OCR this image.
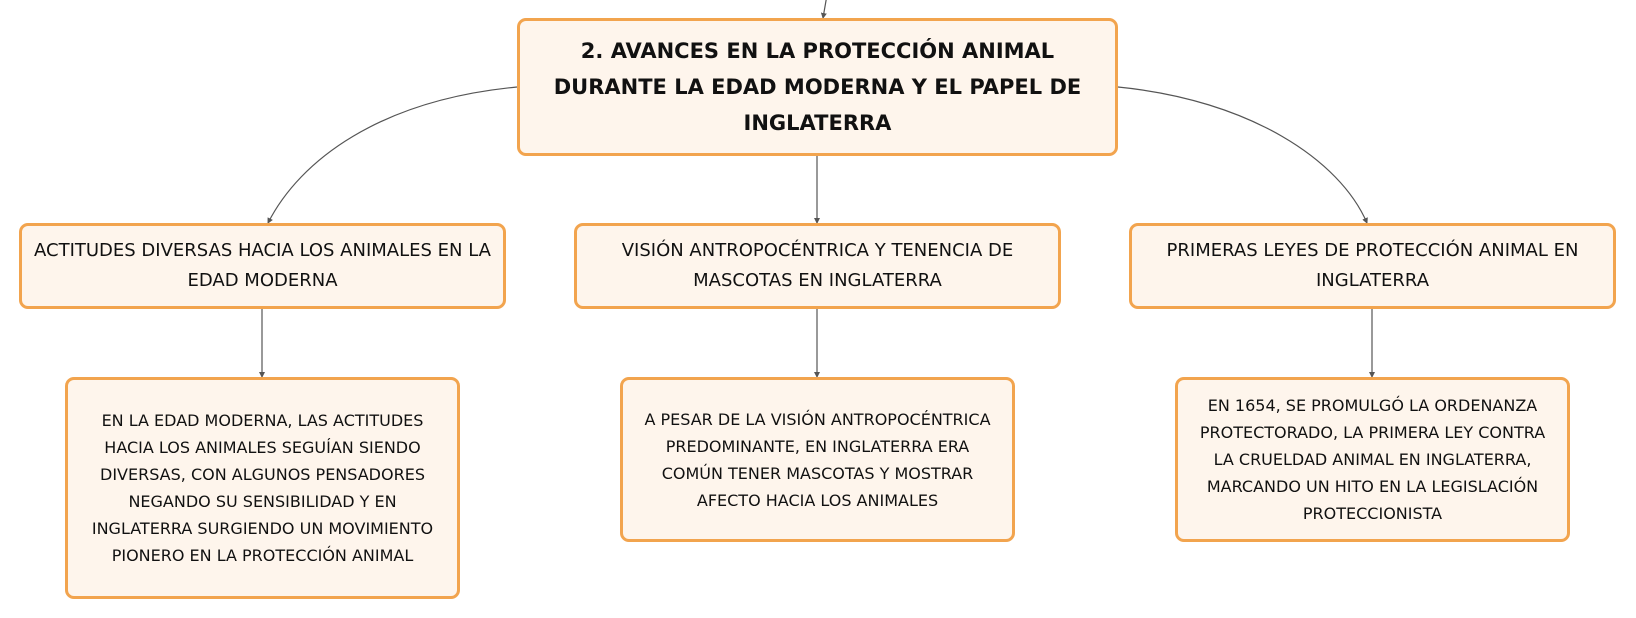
2. AVANCES EN LA PROTECCIÓN ANIMAL DURANTE LA EDAD MODERNA Y EL PAPEL DE INGLATERRA
ACTITUDES DIVERSAS HACIA LOS ANIMALES EN LA EDAD MODERNA
VISIÓN ANTROPOCÉNTRICA Y TENENCIA DE MASCOTAS EN INGLATERRA
PRIMERAS LEYES DE PROTECCIÓN ANIMAL EN INGLATERRA
EN LA EDAD MODERNA, LAS ACTITUDES HACIA LOS ANIMALES SEGUÍAN SIENDO DIVERSAS, CON ALGUNOS PENSADORES NEGANDO SU SENSIBILIDAD Y EN INGLATERRA SURGIENDO UN MOVIMIENTO PIONERO EN LA PROTECCIÓN ANIMAL
A PESAR DE LA VISIÓN ANTROPOCÉNTRICA PREDOMINANTE, EN INGLATERRA ERA COMÚN TENER MASCOTAS Y MOSTRAR AFECTO HACIA LOS ANIMALES
EN 1654, SE PROMULGÓ LA ORDENANZA PROTECTORADO, LA PRIMERA LEY CONTRA LA CRUELDAD ANIMAL EN INGLATERRA, MARCANDO UN HITO EN LA LEGISLACIÓN PROTECCIONISTA
